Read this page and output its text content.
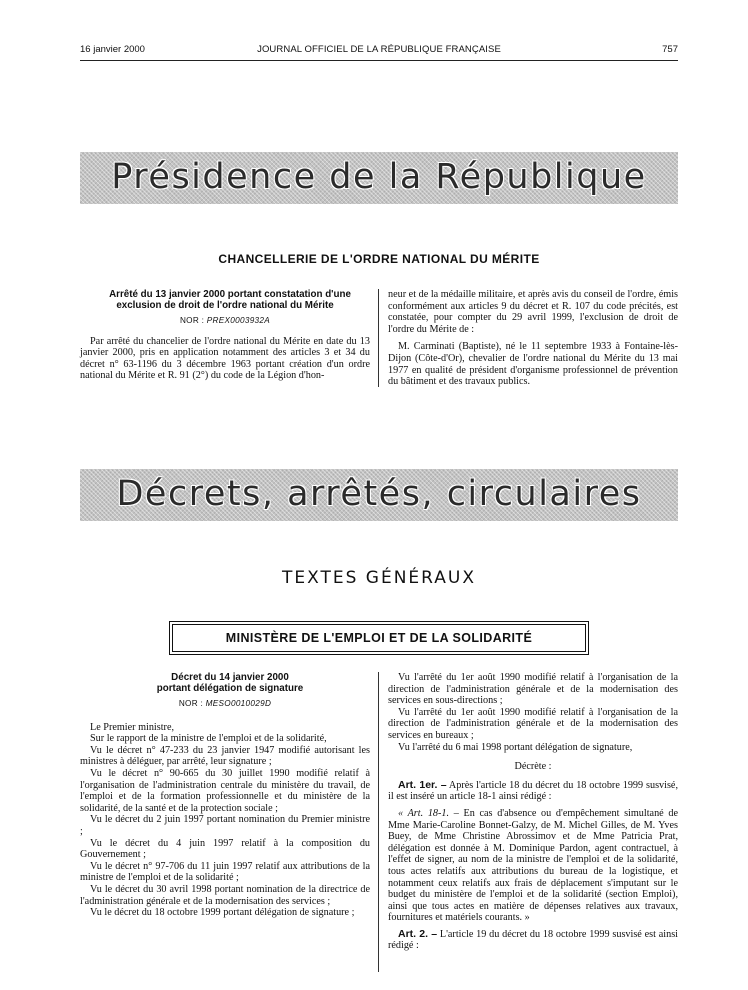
16 janvier 2000	JOURNAL OFFICIEL DE LA RÉPUBLIQUE FRANÇAISE	757
Présidence de la République
CHANCELLERIE DE L'ORDRE NATIONAL DU MÉRITE

Arrêté du 13 janvier 2000 portant constatation d'une exclusion de droit de l'ordre national du Mérite

NOR : PREX0003932A

Par arrêté du chancelier de l'ordre national du Mérite en date du 13 janvier 2000, pris en application notamment des articles 3 et 34 du décret n° 63-1196 du 3 décembre 1963 portant création d'un ordre national du Mérite et R. 91 (2°) du code de la Légion d'hon-

neur et de la médaille militaire, et après avis du conseil de l'ordre, émis conformément aux articles 9 du décret et R. 107 du code précités, est constatée, pour compter du 29 avril 1999, l'exclusion de droit de l'ordre du Mérite de :

M. Carminati (Baptiste), né le 11 septembre 1933 à Fontaine-lès-Dijon (Côte-d'Or), chevalier de l'ordre national du Mérite du 13 mai 1977 en qualité de président d'organisme professionnel de prévention du bâtiment et des travaux publics.

Décrets, arrêtés, circulaires
TEXTES GÉNÉRAUX
MINISTÈRE DE L'EMPLOI ET DE LA SOLIDARITÉ

Décret du 14 janvier 2000

portant délégation de signature

NOR : MESO0010029D

Le Premier ministre,

Sur le rapport de la ministre de l'emploi et de la solidarité,

Vu le décret n° 47-233 du 23 janvier 1947 modifié autorisant les ministres à déléguer, par arrêté, leur signature ;

Vu le décret n° 90-665 du 30 juillet 1990 modifié relatif à l'organisation de l'administration centrale du ministère du travail, de l'emploi et de la formation professionnelle et du ministère de la solidarité, de la santé et de la protection sociale ;

Vu le décret du 2 juin 1997 portant nomination du Premier ministre ;

Vu le décret du 4 juin 1997 relatif à la composition du Gouvernement ;

Vu le décret n° 97-706 du 11 juin 1997 relatif aux attributions de la ministre de l'emploi et de la solidarité ;

Vu le décret du 30 avril 1998 portant nomination de la directrice de l'administration générale et de la modernisation des services ;

Vu le décret du 18 octobre 1999 portant délégation de signature ;

Vu l'arrêté du 1er août 1990 modifié relatif à l'organisation de la direction de l'administration générale et de la modernisation des services en sous-directions ;

Vu l'arrêté du 1er août 1990 modifié relatif à l'organisation de la direction de l'administration générale et de la modernisation des services en bureaux ;

Vu l'arrêté du 6 mai 1998 portant délégation de signature,

Décrète :

Art. 1er. – Après l'article 18 du décret du 18 octobre 1999 susvisé, il est inséré un article 18-1 ainsi rédigé :

« Art. 18-1. – En cas d'absence ou d'empêchement simultané de Mme Marie-Caroline Bonnet-Galzy, de M. Michel Gilles, de M. Yves Buey, de Mme Christine Abrossimov et de Mme Patricia Prat, délégation est donnée à M. Dominique Pardon, agent contractuel, à l'effet de signer, au nom de la ministre de l'emploi et de la solidarité, tous actes relatifs aux attributions du bureau de la logistique, et notamment ceux relatifs aux frais de déplacement s'imputant sur le budget du ministère de l'emploi et de la solidarité (section Emploi), ainsi que tous actes en matière de dépenses relatives aux travaux, fournitures et matériels courants. »

Art. 2. – L'article 19 du décret du 18 octobre 1999 susvisé est ainsi rédigé :
